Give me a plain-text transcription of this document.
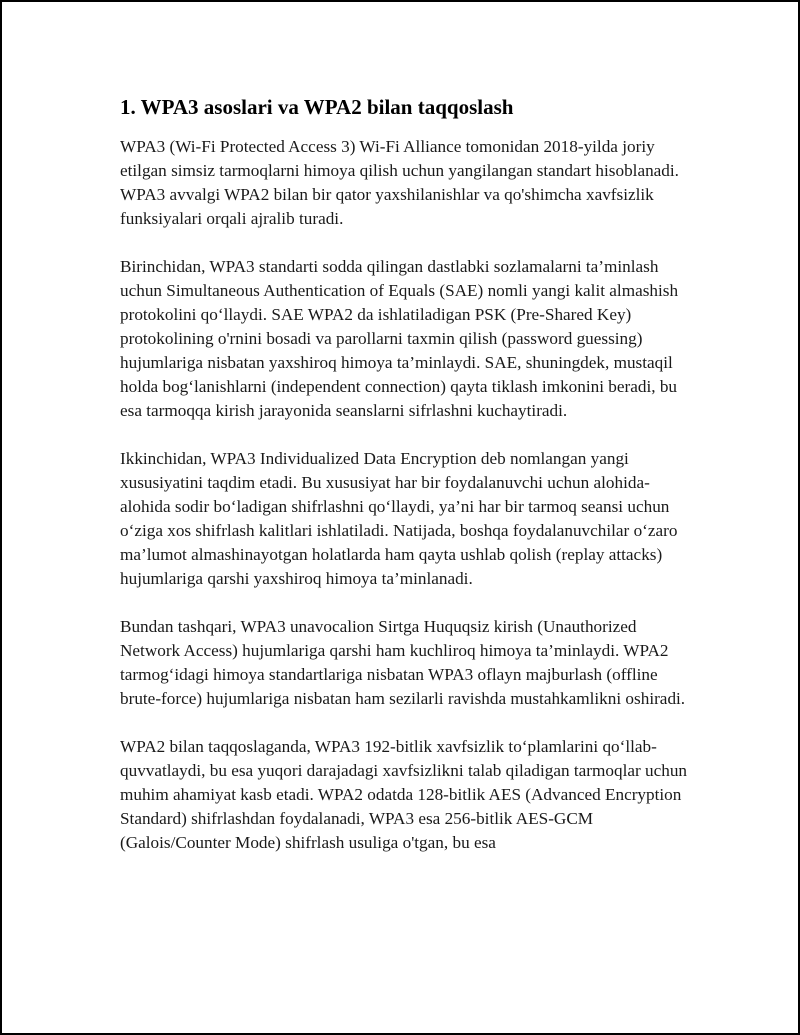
1. WPA3 asoslari va WPA2 bilan taqqoslash

WPA3 (Wi-Fi Protected Access 3) Wi-Fi Alliance tomonidan 2018-yilda joriy etilgan simsiz tarmoqlarni himoya qilish uchun yangilangan standart hisoblanadi. WPA3 avvalgi WPA2 bilan bir qator yaxshilanishlar va qo'shimcha xavfsizlik funksiyalari orqali ajralib turadi.

Birinchidan, WPA3 standarti sodda qilingan dastlabki sozlamalarni ta’minlash uchun Simultaneous Authentication of Equals (SAE) nomli yangi kalit almashish protokolini qo‘llaydi. SAE WPA2 da ishlatiladigan PSK (Pre-Shared Key) protokolining o'rnini bosadi va parollarni taxmin qilish (password guessing) hujumlariga nisbatan yaxshiroq himoya ta’minlaydi. SAE, shuningdek, mustaqil holda bog‘lanishlarni (independent connection) qayta tiklash imkonini beradi, bu esa tarmoqqa kirish jarayonida seanslarni sifrlashni kuchaytiradi.

Ikkinchidan, WPA3 Individualized Data Encryption deb nomlangan yangi xususiyatini taqdim etadi. Bu xususiyat har bir foydalanuvchi uchun alohida-alohida sodir bo‘ladigan shifrlashni qo‘llaydi, ya’ni har bir tarmoq seansi uchun o‘ziga xos shifrlash kalitlari ishlatiladi. Natijada, boshqa foydalanuvchilar o‘zaro ma’lumot almashinayotgan holatlarda ham qayta ushlab qolish (replay attacks) hujumlariga qarshi yaxshiroq himoya ta’minlanadi.

Bundan tashqari, WPA3 unavocalion Sirtga Huquqsiz kirish (Unauthorized Network Access) hujumlariga qarshi ham kuchliroq himoya ta’minlaydi. WPA2 tarmog‘idagi himoya standartlariga nisbatan WPA3 oflayn majburlash (offline brute-force) hujumlariga nisbatan ham sezilarli ravishda mustahkamlikni oshiradi.

WPA2 bilan taqqoslaganda, WPA3 192-bitlik xavfsizlik to‘plamlarini qo‘llab-quvvatlaydi, bu esa yuqori darajadagi xavfsizlikni talab qiladigan tarmoqlar uchun muhim ahamiyat kasb etadi. WPA2 odatda 128-bitlik AES (Advanced Encryption Standard) shifrlashdan foydalanadi, WPA3 esa 256-bitlik AES-GCM (Galois/Counter Mode) shifrlash usuliga o'tgan, bu esa
